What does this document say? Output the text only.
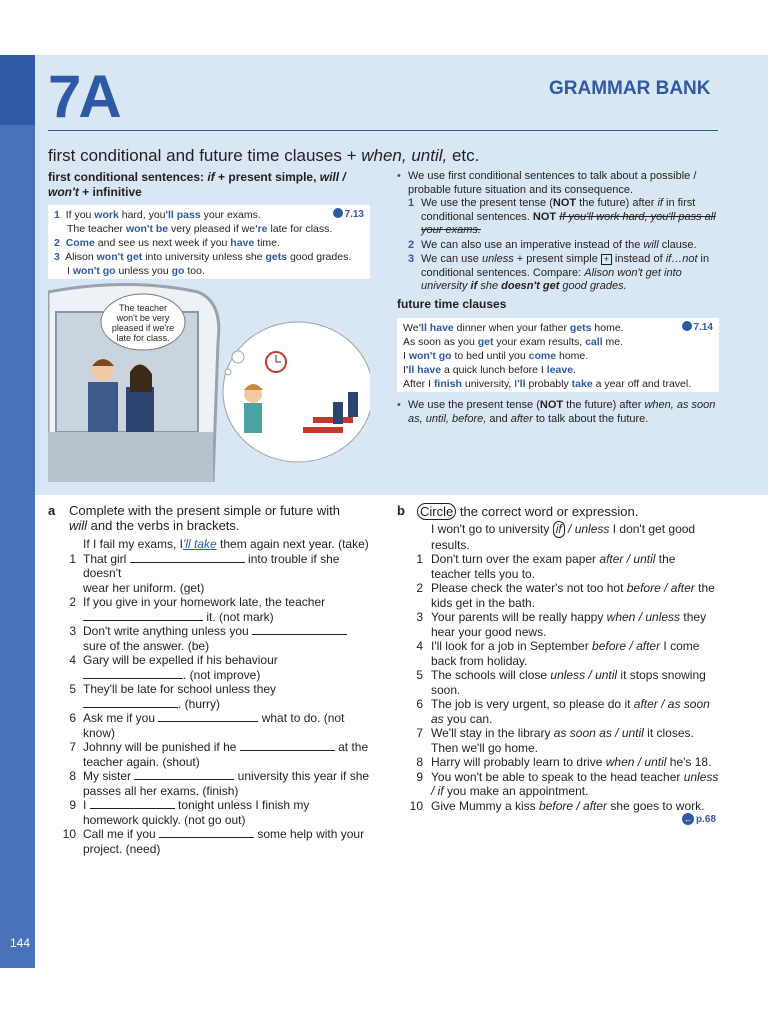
144
7A	GRAMMAR BANK
first conditional and future time clauses + when, until, etc.
first conditional sentences: if + present simple, will / won't + infinitive
7.13
1 If you work hard, you'll pass your exams.
The teacher won't be very pleased if we're late for class.
2 Come and see us next week if you have time.
3 Alison won't get into university unless she gets good grades.
I won't go unless you go too.
The teacher won't be very pleased if we're late for class.
• We use first conditional sentences to talk about a possible / probable future situation and its consequence.
1 We use the present tense (NOT the future) after if in first conditional sentences. NOT If you'll work hard, you'll pass all your exams.
2 We can also use an imperative instead of the will clause.
3 We can use unless + present simple + instead of if…not in conditional sentences. Compare: Alison won't get into university if she doesn't get good grades.
future time clauses
7.14
We'll have dinner when your father gets home.
As soon as you get your exam results, call me.
I won't go to bed until you come home.
I'll have a quick lunch before I leave.
After I finish university, I'll probably take a year off and travel.
• We use the present tense (NOT the future) after when, as soon as, until, before, and after to talk about the future.
a	Complete with the present simple or future with
will and the verbs in brackets.
If I fail my exams, I'll take them again next year. (take)
1 That girl	into trouble if she doesn't
wear her uniform. (get)
2 If you give in your homework late, the teacher
it. (not mark)
3 Don't write anything unless you
sure of the answer. (be)
4 Gary will be expelled if his behaviour
. (not improve)
5 They'll be late for school unless they
. (hurry)
6 Ask me if you	what to do. (not
know)
7 Johnny will be punished if he	at the
teacher again. (shout)
8 My sister	university this year if she
passes all her exams. (finish)
9 I	tonight unless I finish my
homework quickly. (not go out)
10 Call me if you	some help with your
project. (need)
b	Circle the correct word or expression.
I won't go to university if / unless I don't get good
results.
1 Don't turn over the exam paper after / until the
teacher tells you to.
2 Please check the water's not too hot before / after the
kids get in the bath.
3 Your parents will be really happy when / unless they
hear your good news.
4 I'll look for a job in September before / after I come
back from holiday.
5 The schools will close unless / until it stops snowing
soon.
6 The job is very urgent, so please do it after / as soon
as you can.
7 We'll stay in the library as soon as / until it closes.
Then we'll go home.
8 Harry will probably learn to drive when / until he's 18.
9 You won't be able to speak to the head teacher unless
/ if you make an appointment.
10 Give Mummy a kiss before / after she goes to work.
← p.68
